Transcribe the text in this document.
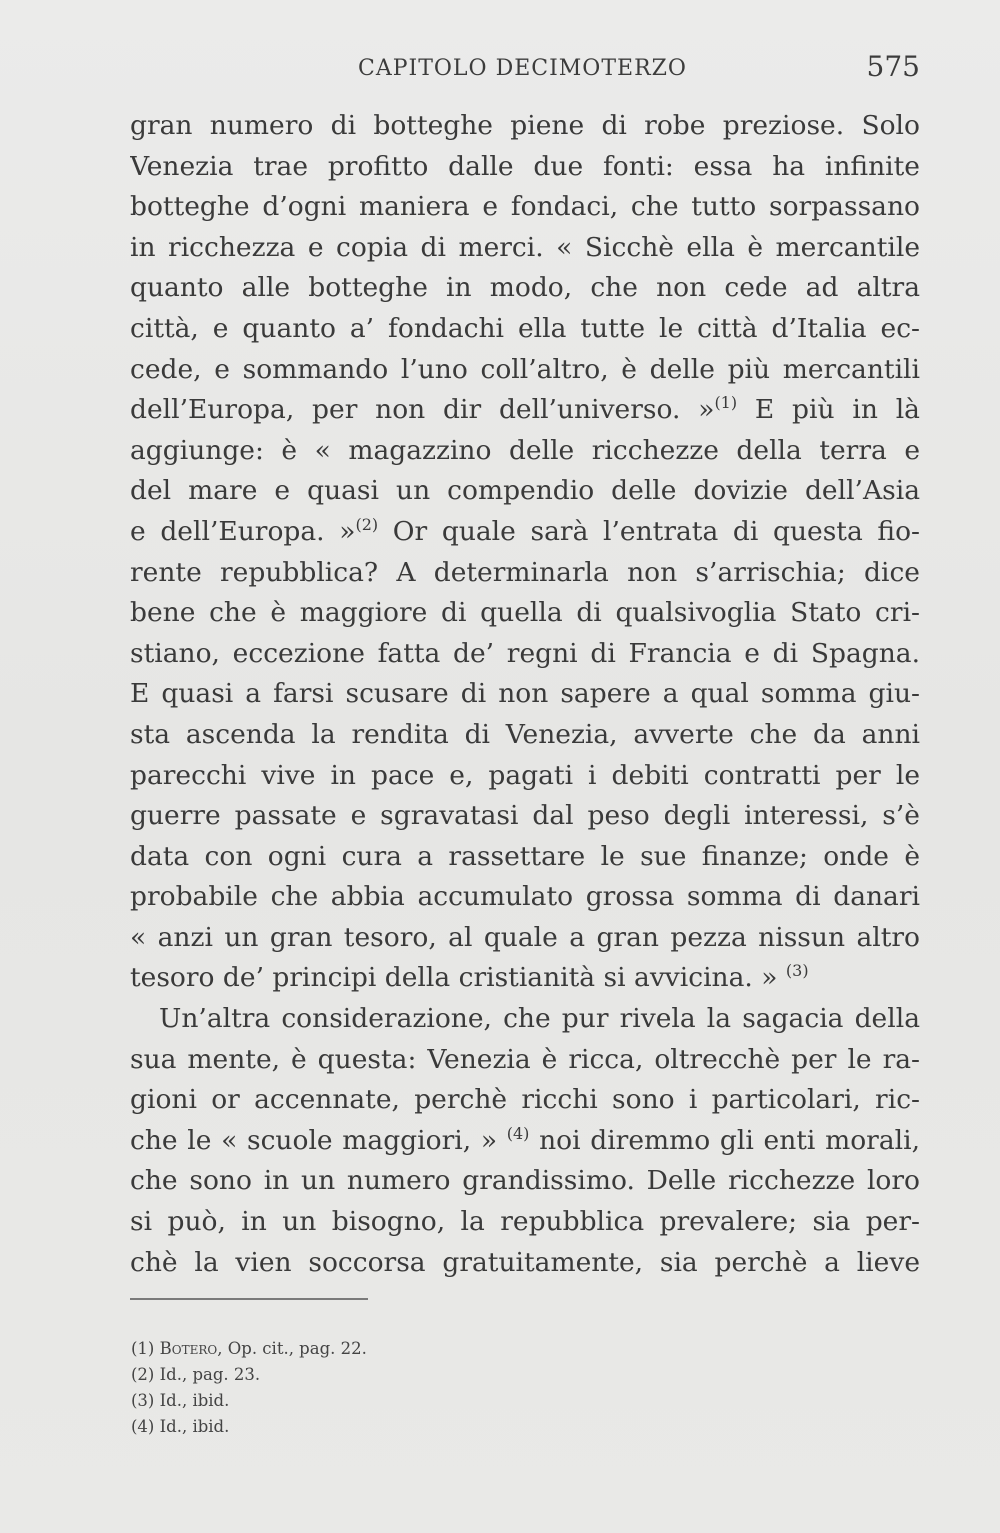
CAPITOLO DECIMOTERZO	575
gran numero di botteghe piene di robe preziose. Solo
Venezia trae profitto dalle due fonti: essa ha infinite
botteghe d’ogni maniera e fondaci, che tutto sorpassano
in ricchezza e copia di merci. « Sicchè ella è mercantile
quanto alle botteghe in modo, che non cede ad altra
città, e quanto a’ fondachi ella tutte le città d’Italia ec-
cede, e sommando l’uno coll’altro, è delle più mercantili
dell’Europa, per non dir dell’universo. »$^{(1)}$ E più in là
aggiunge: è « magazzino delle ricchezze della terra e
del mare e quasi un compendio delle dovizie dell’Asia
e dell’Europa. »$^{(2)}$ Or quale sarà l’entrata di questa fio-
rente repubblica? A determinarla non s’arrischia; dice
bene che è maggiore di quella di qualsivoglia Stato cri-
stiano, eccezione fatta de’ regni di Francia e di Spagna.
E quasi a farsi scusare di non sapere a qual somma giu-
sta ascenda la rendita di Venezia, avverte che da anni
parecchi vive in pace e, pagati i debiti contratti per le
guerre passate e sgravatasi dal peso degli interessi, s’è
data con ogni cura a rassettare le sue finanze; onde è
probabile che abbia accumulato grossa somma di danari
« anzi un gran tesoro, al quale a gran pezza nissun altro
tesoro de’ principi della cristianità si avvicina. » $^{(3)}$
Un’altra considerazione, che pur rivela la sagacia della
sua mente, è questa: Venezia è ricca, oltrecchè per le ra-
gioni or accennate, perchè ricchi sono i particolari, ric-
che le « scuole maggiori, » $^{(4)}$ noi diremmo gli enti morali,
che sono in un numero grandissimo. Delle ricchezze loro
si può, in un bisogno, la repubblica prevalere; sia per-
chè la vien soccorsa gratuitamente, sia perchè a lieve
(1) Botero, Op. cit., pag. 22.
(2) Id., pag. 23.
(3) Id., ibid.
(4) Id., ibid.
